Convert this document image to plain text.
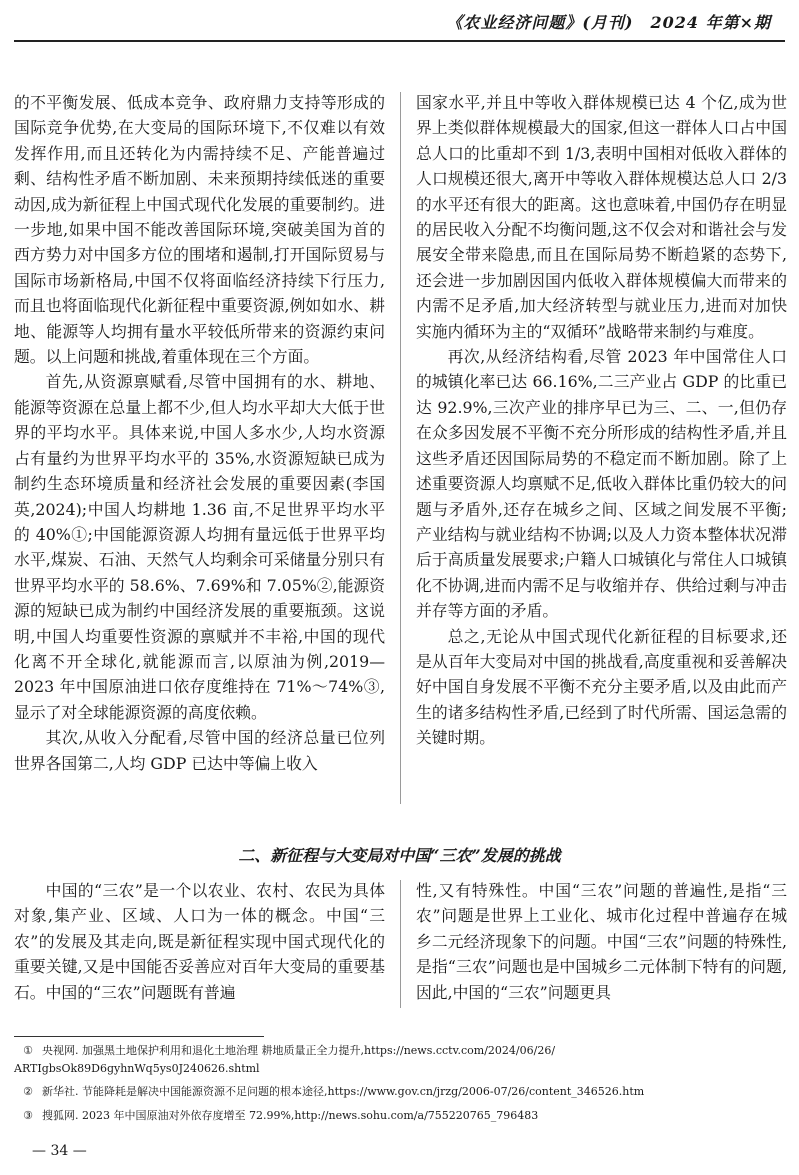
《农业经济问题》(月刊)　2024 年第×期

的不平衡发展、低成本竞争、政府鼎力支持等形成的国际竞争优势,在大变局的国际环境下,不仅难以有效发挥作用,而且还转化为内需持续不足、产能普遍过剩、结构性矛盾不断加剧、未来预期持续低迷的重要动因,成为新征程上中国式现代化发展的重要制约。进一步地,如果中国不能改善国际环境,突破美国为首的西方势力对中国多方位的围堵和遏制,打开国际贸易与国际市场新格局,中国不仅将面临经济持续下行压力,而且也将面临现代化新征程中重要资源,例如如水、耕地、能源等人均拥有量水平较低所带来的资源约束问题。以上问题和挑战,着重体现在三个方面。

首先,从资源禀赋看,尽管中国拥有的水、耕地、能源等资源在总量上都不少,但人均水平却大大低于世界的平均水平。具体来说,中国人多水少,人均水资源占有量约为世界平均水平的 35%,水资源短缺已成为制约生态环境质量和经济社会发展的重要因素(李国英,2024);中国人均耕地 1.36 亩,不足世界平均水平的 40%①;中国能源资源人均拥有量远低于世界平均水平,煤炭、石油、天然气人均剩余可采储量分别只有世界平均水平的 58.6%、7.69%和 7.05%②,能源资源的短缺已成为制约中国经济发展的重要瓶颈。这说明,中国人均重要性资源的禀赋并不丰裕,中国的现代化离不开全球化,就能源而言,以原油为例,2019—2023 年中国原油进口依存度维持在 71%～74%③,显示了对全球能源资源的高度依赖。

其次,从收入分配看,尽管中国的经济总量已位列世界各国第二,人均 GDP 已达中等偏上收入

国家水平,并且中等收入群体规模已达 4 个亿,成为世界上类似群体规模最大的国家,但这一群体人口占中国总人口的比重却不到 1/3,表明中国相对低收入群体的人口规模还很大,离开中等收入群体规模达总人口 2/3 的水平还有很大的距离。这也意味着,中国仍存在明显的居民收入分配不均衡问题,这不仅会对和谐社会与发展安全带来隐患,而且在国际局势不断趋紧的态势下,还会进一步加剧因国内低收入群体规模偏大而带来的内需不足矛盾,加大经济转型与就业压力,进而对加快实施内循环为主的“双循环”战略带来制约与难度。

再次,从经济结构看,尽管 2023 年中国常住人口的城镇化率已达 66.16%,二三产业占 GDP 的比重已达 92.9%,三次产业的排序早已为三、二、一,但仍存在众多因发展不平衡不充分所形成的结构性矛盾,并且这些矛盾还因国际局势的不稳定而不断加剧。除了上述重要资源人均禀赋不足,低收入群体比重仍较大的问题与矛盾外,还存在城乡之间、区域之间发展不平衡;产业结构与就业结构不协调;以及人力资本整体状况滞后于高质量发展要求;户籍人口城镇化与常住人口城镇化不协调,进而内需不足与收缩并存、供给过剩与冲击并存等方面的矛盾。

总之,无论从中国式现代化新征程的目标要求,还是从百年大变局对中国的挑战看,高度重视和妥善解决好中国自身发展不平衡不充分主要矛盾,以及由此而产生的诸多结构性矛盾,已经到了时代所需、国运急需的关键时期。

二、新征程与大变局对中国“三农”发展的挑战

中国的“三农”是一个以农业、农村、农民为具体对象,集产业、区域、人口为一体的概念。中国“三农”的发展及其走向,既是新征程实现中国式现代化的重要关键,又是中国能否妥善应对百年大变局的重要基石。中国的“三农”问题既有普遍

性,又有特殊性。中国“三农”问题的普遍性,是指“三农”问题是世界上工业化、城市化过程中普遍存在城乡二元经济现象下的问题。中国“三农”问题的特殊性,是指“三农”问题也是中国城乡二元体制下特有的问题,因此,中国的“三农”问题更具

① 央视网. 加强黑土地保护利用和退化土地治理 耕地质量正全力提升,https://news.cctv.com/2024/06/26/
ARTIgbsOk89D6gyhnWq5ys0J240626.shtml
② 新华社. 节能降耗是解决中国能源资源不足问题的根本途径,https://www.gov.cn/jrzg/2006-07/26/content_346526.htm
③ 搜狐网. 2023 年中国原油对外依存度增至 72.99%,http://news.sohu.com/a/755220765_796483
— 34 —
